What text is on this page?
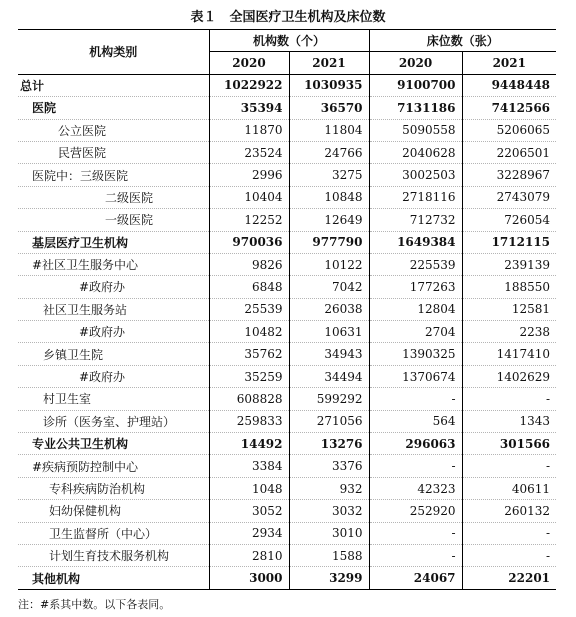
表１　全国医疗卫生机构及床位数
机构类别	机构数（个）		床位数（张）	
	2020	2021	2020	2021
总计	1022922	1030935	9100700	9448448
医院	35394	36570	7131186	7412566
公立医院	11870	11804	5090558	5206065
民营医院	23524	24766	2040628	2206501
医院中：三级医院	2996	3275	3002503	3228967
二级医院	10404	10848	2718116	2743079
一级医院	12252	12649	712732	726054
基层医疗卫生机构	970036	977790	1649384	1712115
#社区卫生服务中心	9826	10122	225539	239139
#政府办	6848	7042	177263	188550
社区卫生服务站	25539	26038	12804	12581
#政府办	10482	10631	2704	2238
乡镇卫生院	35762	34943	1390325	1417410
#政府办	35259	34494	1370674	1402629
村卫生室	608828	599292	-	-
诊所（医务室、护理站）	259833	271056	564	1343
专业公共卫生机构	14492	13276	296063	301566
#疾病预防控制中心	3384	3376	-	-
专科疾病防治机构	1048	932	42323	40611
妇幼保健机构	3052	3032	252920	260132
卫生监督所（中心）	2934	3010	-	-
计划生育技术服务机构	2810	1588	-	-
其他机构	3000	3299	24067	22201
注：#系其中数。以下各表同。
